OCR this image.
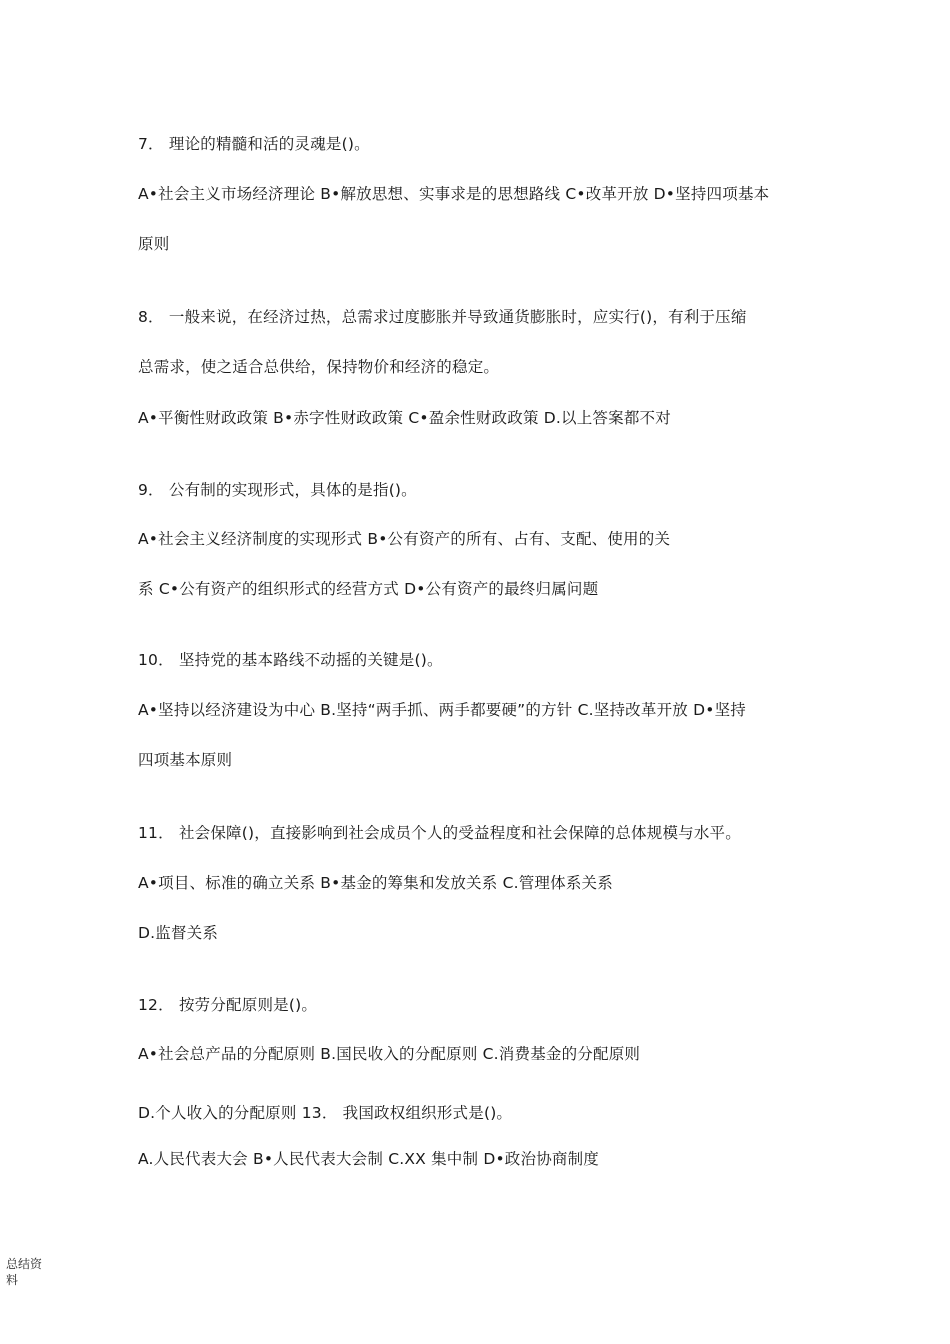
7． 理论的精髓和活的灵魂是()。
A•社会主义市场经济理论 B•解放思想、实事求是的思想路线 C•改革开放 D•坚持四项基本
原则
8． 一般来说，在经济过热，总需求过度膨胀并导致通货膨胀时，应实行()，有利于压缩
总需求，使之适合总供给，保持物价和经济的稳定。
A•平衡性财政政策 B•赤字性财政政策 C•盈余性财政政策 D.以上答案都不对
9． 公有制的实现形式，具体的是指()。
A•社会主义经济制度的实现形式 B•公有资产的所有、占有、支配、使用的关
系 C•公有资产的组织形式的经营方式 D•公有资产的最终归属问题
10． 坚持党的基本路线不动摇的关键是()。
A•坚持以经济建设为中心 B.坚持“两手抓、两手都要硬”的方针 C.坚持改革开放 D•坚持
四项基本原则
11． 社会保障()，直接影响到社会成员个人的受益程度和社会保障的总体规模与水平。
A•项目、标准的确立关系 B•基金的筹集和发放关系 C.管理体系关系
D.监督关系
12． 按劳分配原则是()。
A•社会总产品的分配原则 B.国民收入的分配原则 C.消费基金的分配原则
D.个人收入的分配原则 13． 我国政权组织形式是()。
A.人民代表大会 B•人民代表大会制 C.XX 集中制 D•政治协商制度
总结资
料
